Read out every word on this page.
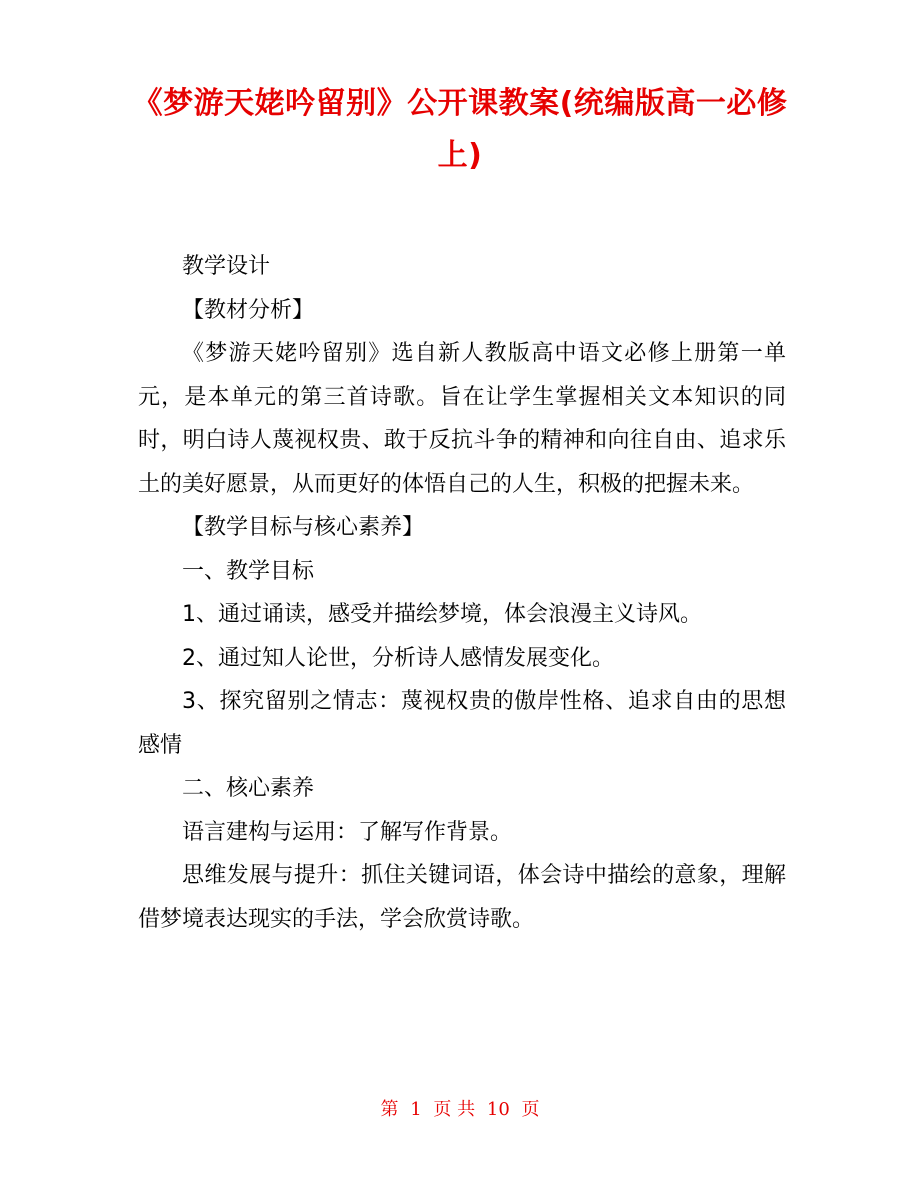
《梦游天姥吟留别》公开课教案(统编版高一必修上)

教学设计

【教材分析】

《梦游天姥吟留别》选自新人教版高中语文必修上册第一单元，是本单元的第三首诗歌。旨在让学生掌握相关文本知识的同时，明白诗人蔑视权贵、敢于反抗斗争的精神和向往自由、追求乐土的美好愿景，从而更好的体悟自己的人生，积极的把握未来。

【教学目标与核心素养】

一、教学目标

1、通过诵读，感受并描绘梦境，体会浪漫主义诗风。

2、通过知人论世，分析诗人感情发展变化。

3、探究留别之情志：蔑视权贵的傲岸性格、追求自由的思想感情

二、核心素养

语言建构与运用：了解写作背景。

思维发展与提升：抓住关键词语，体会诗中描绘的意象，理解借梦境表达现实的手法，学会欣赏诗歌。

第 1 页 共 10 页
